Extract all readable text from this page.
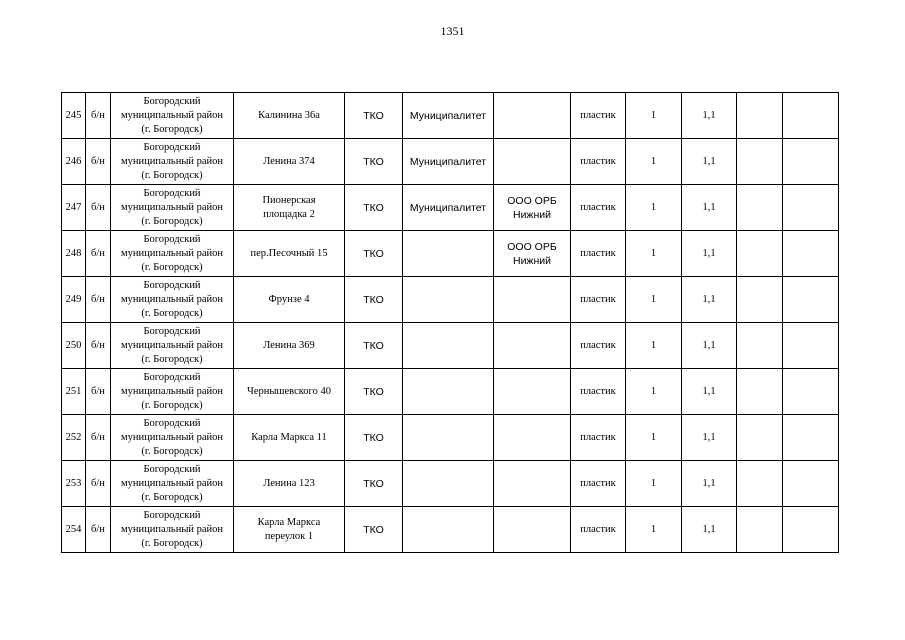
1351
245	б/н	Богородский
муниципальный район
(г. Богородск)	Калинина 36а	ТКО	Муниципалитет		пластик	1	1,1		
246	б/н	Богородский
муниципальный район
(г. Богородск)	Ленина 374	ТКО	Муниципалитет		пластик	1	1,1		
247	б/н	Богородский
муниципальный район
(г. Богородск)	Пионерская
площадка 2	ТКО	Муниципалитет	ООО ОРБ
Нижний	пластик	1	1,1		
248	б/н	Богородский
муниципальный район
(г. Богородск)	пер.Песочный 15	ТКО		ООО ОРБ
Нижний	пластик	1	1,1		
249	б/н	Богородский
муниципальный район
(г. Богородск)	Фрунзе 4	ТКО			пластик	1	1,1		
250	б/н	Богородский
муниципальный район
(г. Богородск)	Ленина 369	ТКО			пластик	1	1,1		
251	б/н	Богородский
муниципальный район
(г. Богородск)	Чернышевского 40	ТКО			пластик	1	1,1		
252	б/н	Богородский
муниципальный район
(г. Богородск)	Карла Маркса 11	ТКО			пластик	1	1,1		
253	б/н	Богородский
муниципальный район
(г. Богородск)	Ленина 123	ТКО			пластик	1	1,1		
254	б/н	Богородский
муниципальный район
(г. Богородск)	Карла Маркса
переулок 1	ТКО			пластик	1	1,1		
